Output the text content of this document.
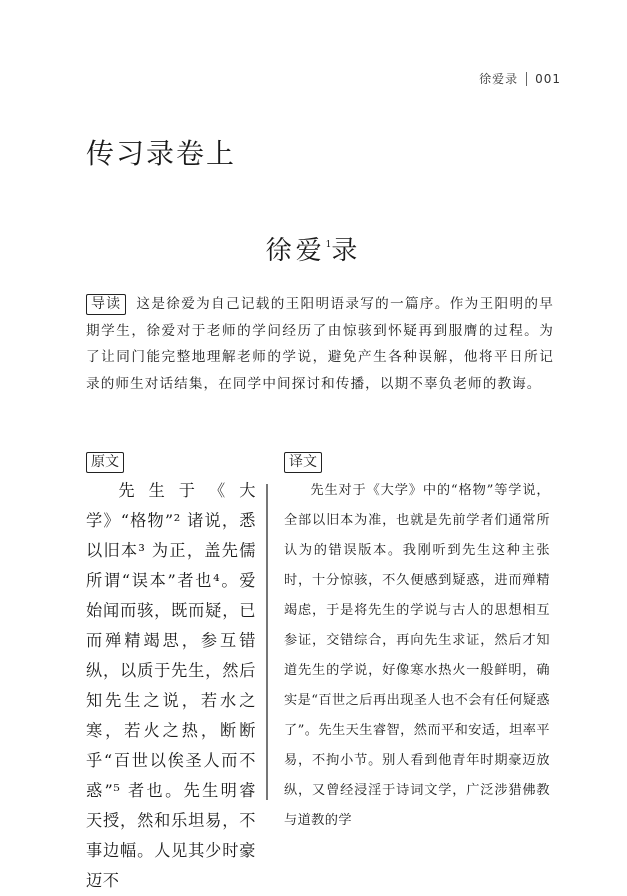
徐爱录 001
传习录卷上
徐爱$^1$录

导读 这是徐爱为自己记载的王阳明语录写的一篇序。作为王阳明的早期学生，徐爱对于老师的学问经历了由惊骇到怀疑再到服膺的过程。为了让同门能完整地理解老师的学说，避免产生各种误解，他将平日所记录的师生对话结集，在同学中间探讨和传播，以期不辜负老师的教诲。

原文	译文

先生于《大学》“格物”² 诸说，悉以旧本³ 为正，盖先儒所谓“误本”者也⁴。爱始闻而骇，既而疑，已而殚精竭思，参互错纵，以质于先生，然后知先生之说，若水之寒，若火之热，断断乎“百世以俟圣人而不惑”⁵ 者也。先生明睿天授，然和乐坦易，不事边幅。人见其少时豪迈不

先生对于《大学》中的“格物”等学说，全部以旧本为准，也就是先前学者们通常所认为的错误版本。我刚听到先生这种主张时，十分惊骇，不久便感到疑惑，进而殚精竭虑，于是将先生的学说与古人的思想相互参证，交错综合，再向先生求证，然后才知道先生的学说，好像寒水热火一般鲜明，确实是“百世之后再出现圣人也不会有任何疑惑了”。先生天生睿智，然而平和安适，坦率平易，不拘小节。别人看到他青年时期豪迈放纵，又曾经浸淫于诗词文学，广泛涉猎佛教与道教的学
